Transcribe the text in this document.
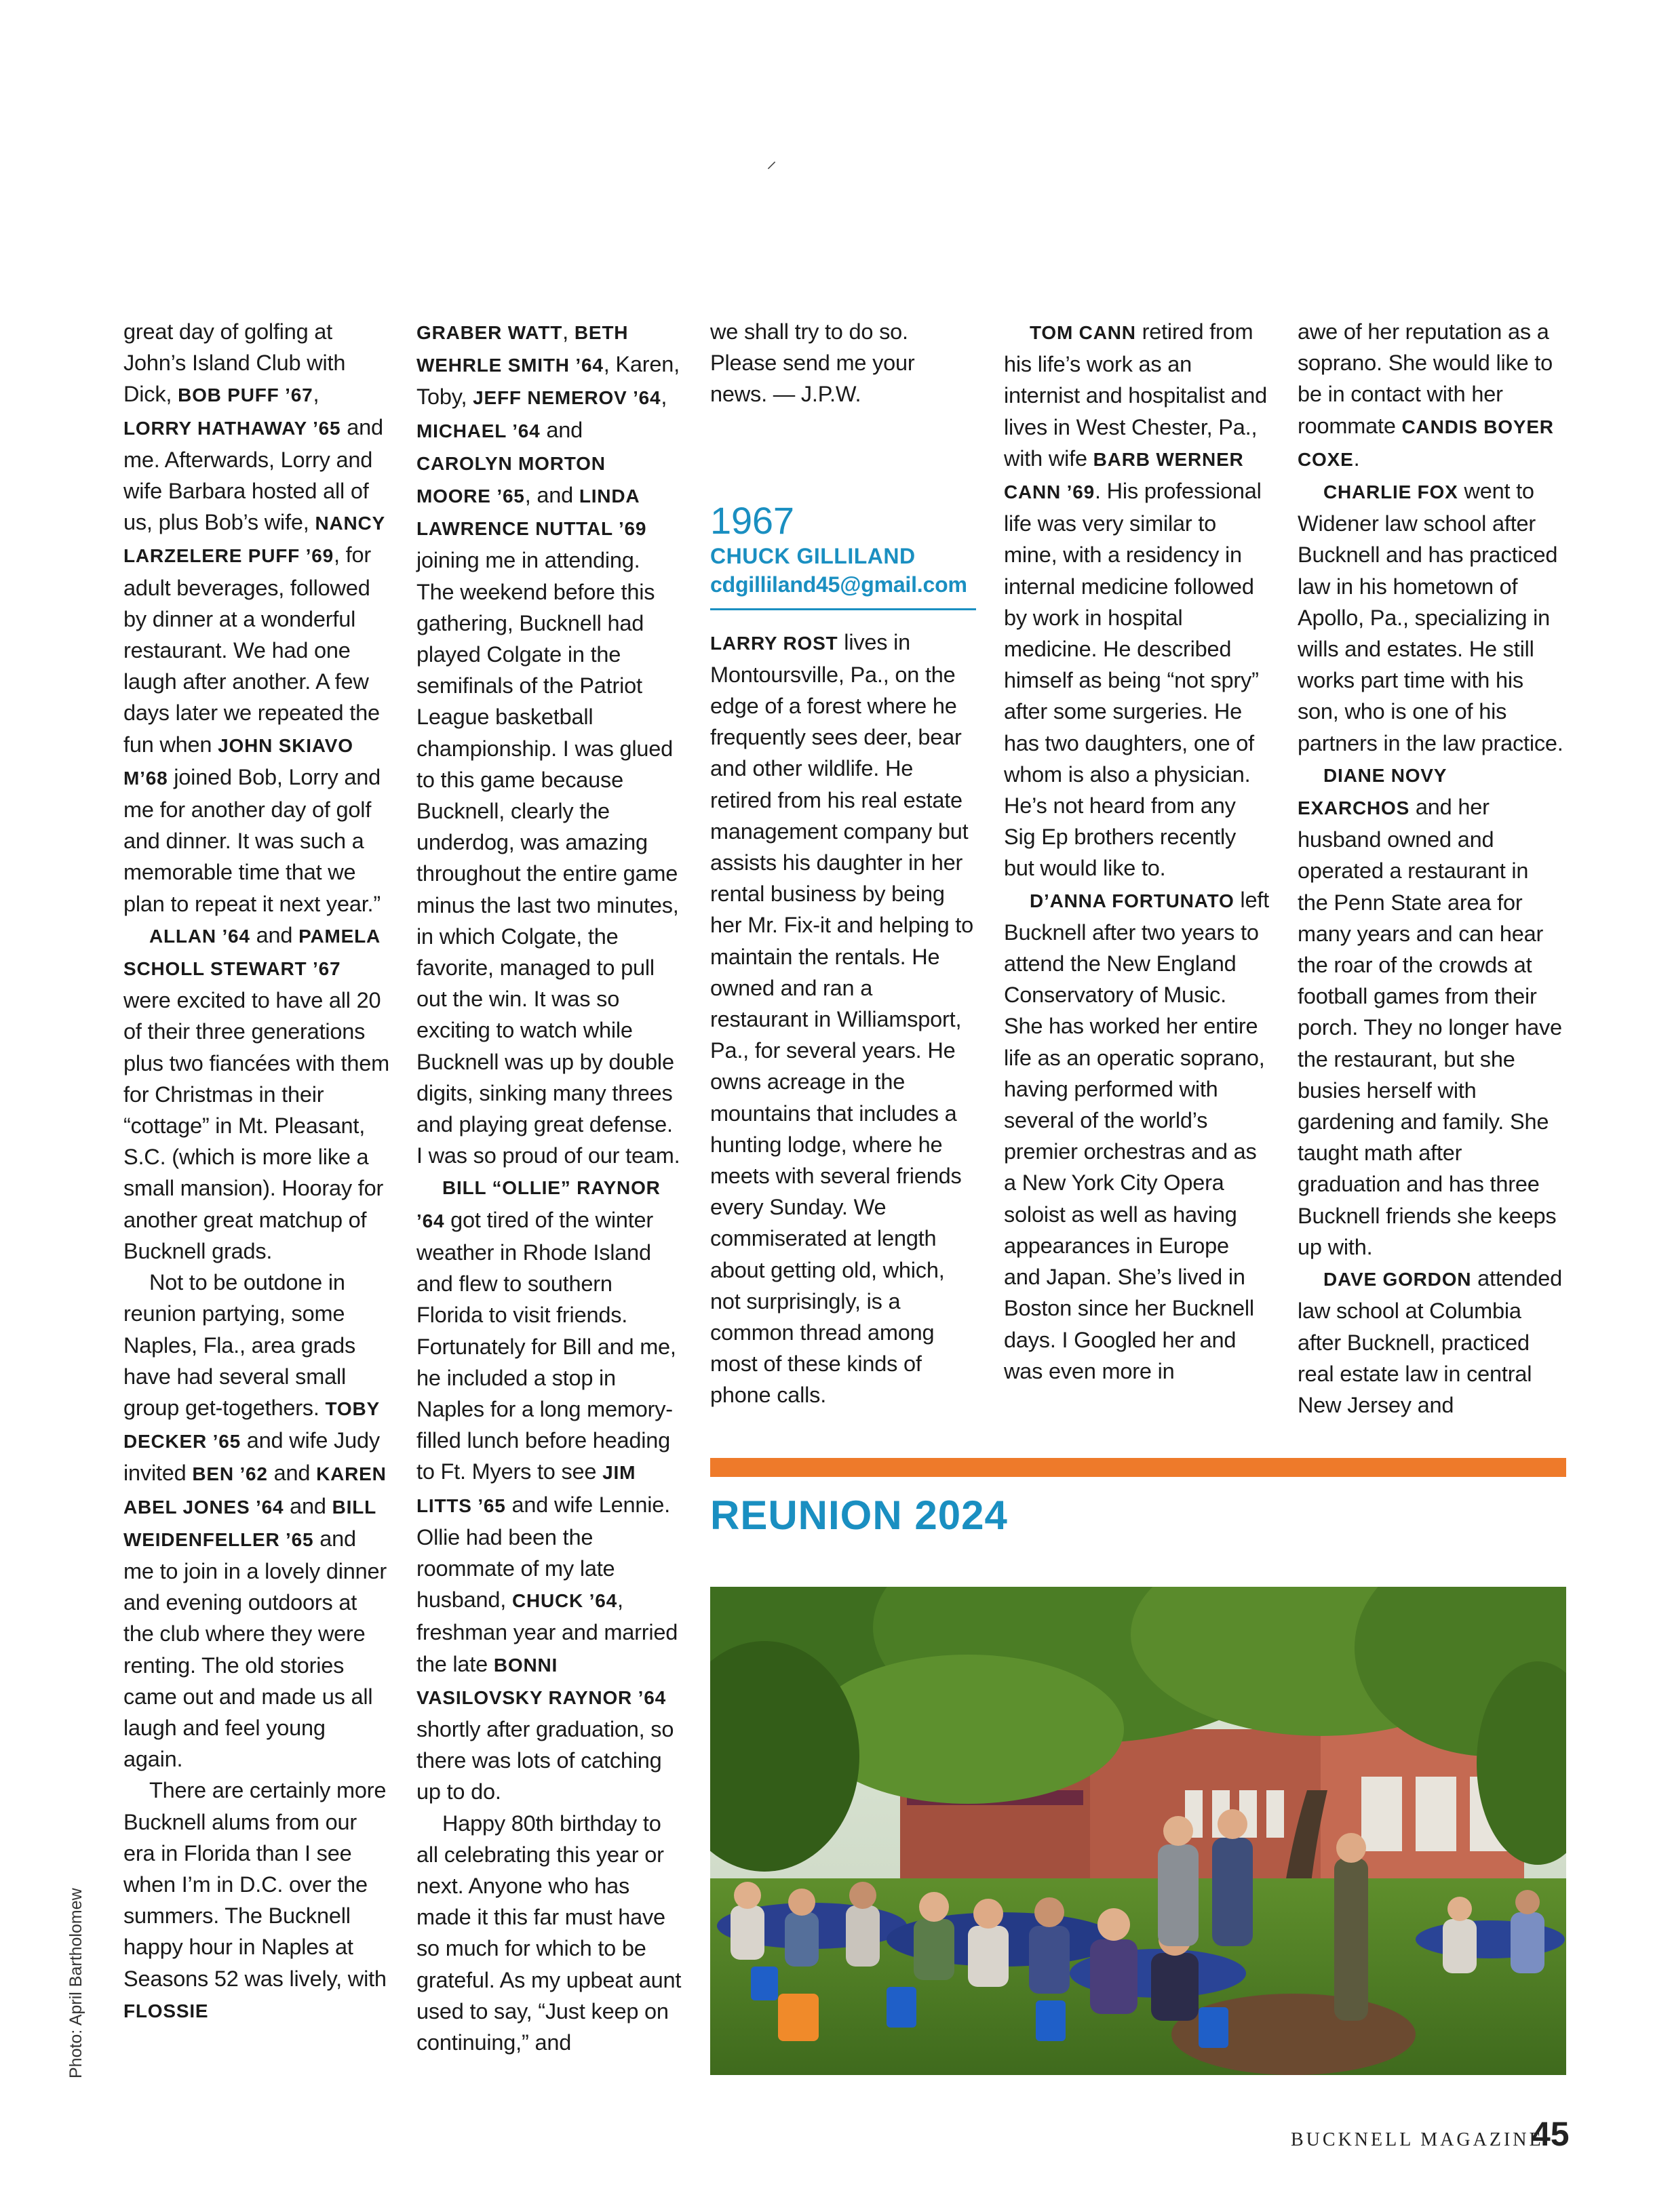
⸝

great day of golfing at John’s Island Club with Dick, BOB PUFF ’67, LORRY HATHAWAY ’65 and me. Afterwards, Lorry and wife Barbara hosted all of us, plus Bob’s wife, NANCY LARZELERE PUFF ’69, for adult beverages, followed by dinner at a wonderful restaurant. We had one laugh after another. A few days later we repeated the fun when JOHN SKIAVO M’68 joined Bob, Lorry and me for another day of golf and dinner. It was such a memorable time that we plan to repeat it next year.”

ALLAN ’64 and PAMELA SCHOLL STEWART ’67 were excited to have all 20 of their three generations plus two fiancées with them for Christmas in their “cottage” in Mt. Pleasant, S.C. (which is more like a small mansion). Hooray for another great matchup of Bucknell grads.

Not to be outdone in reunion partying, some Naples, Fla., area grads have had several small group get-togethers. TOBY DECKER ’65 and wife Judy invited BEN ’62 and KAREN ABEL JONES ’64 and BILL WEIDENFELLER ’65 and me to join in a lovely dinner and evening outdoors at the club where they were renting. The old stories came out and made us all laugh and feel young again.

There are certainly more Bucknell alums from our era in Florida than I see when I’m in D.C. over the summers. The Bucknell happy hour in Naples at Seasons 52 was lively, with FLOSSIE

GRABER WATT, BETH WEHRLE SMITH ’64, Karen, Toby, JEFF NEMEROV ’64, MICHAEL ’64 and CAROLYN MORTON MOORE ’65, and LINDA LAWRENCE NUTTAL ’69 joining me in attending. The weekend before this gathering, Bucknell had played Colgate in the semifinals of the Patriot League basketball championship. I was glued to this game because Bucknell, clearly the underdog, was amazing throughout the entire game minus the last two minutes, in which Colgate, the favorite, managed to pull out the win. It was so exciting to watch while Bucknell was up by double digits, sinking many threes and playing great defense. I was so proud of our team.

BILL “OLLIE” RAYNOR ’64 got tired of the winter weather in Rhode Island and flew to southern Florida to visit friends. Fortunately for Bill and me, he included a stop in Naples for a long memory-filled lunch before heading to Ft. Myers to see JIM LITTS ’65 and wife Lennie. Ollie had been the roommate of my late husband, CHUCK ’64, freshman year and married the late BONNI VASILOVSKY RAYNOR ’64 shortly after graduation, so there was lots of catching up to do.

Happy 80th birthday to all celebrating this year or next. Anyone who has made it this far must have so much for which to be grateful. As my upbeat aunt used to say, “Just keep on continuing,” and

we shall try to do so. Please send me your news. — J.P.W.

1967
CHUCK GILLILAND
cdgilliland45@gmail.com

LARRY ROST lives in Montoursville, Pa., on the edge of a forest where he frequently sees deer, bear and other wildlife. He retired from his real estate management company but assists his daughter in her rental business by being her Mr. Fix-it and helping to maintain the rentals. He owned and ran a restaurant in Williamsport, Pa., for several years. He owns acreage in the mountains that includes a hunting lodge, where he meets with several friends every Sunday. We commiserated at length about getting old, which, not surprisingly, is a common thread among most of these kinds of phone calls.

TOM CANN retired from his life’s work as an internist and hospitalist and lives in West Chester, Pa., with wife BARB WERNER CANN ’69. His professional life was very similar to mine, with a residency in internal medicine followed by work in hospital medicine. He described himself as being “not spry” after some surgeries. He has two daughters, one of whom is also a physician. He’s not heard from any Sig Ep brothers recently but would like to.

D’ANNA FORTUNATO left Bucknell after two years to attend the New England Conservatory of Music. She has worked her entire life as an operatic soprano, having performed with several of the world’s premier orchestras and as a New York City Opera soloist as well as having appearances in Europe and Japan. She’s lived in Boston since her Bucknell days. I Googled her and was even more in

awe of her reputation as a soprano. She would like to be in contact with her roommate CANDIS BOYER COXE.

CHARLIE FOX went to Widener law school after Bucknell and has practiced law in his hometown of Apollo, Pa., specializing in wills and estates. He still works part time with his son, who is one of his partners in the law practice.

DIANE NOVY EXARCHOS and her husband owned and operated a restaurant in the Penn State area for many years and can hear the roar of the crowds at football games from their porch. They no longer have the restaurant, but she busies herself with gardening and family. She taught math after graduation and has three Bucknell friends she keeps up with.

DAVE GORDON attended law school at Columbia after Bucknell, practiced real estate law in central New Jersey and

REUNION 2024
Photo: April Bartholomew
BUCKNELL MAGAZINE
45
